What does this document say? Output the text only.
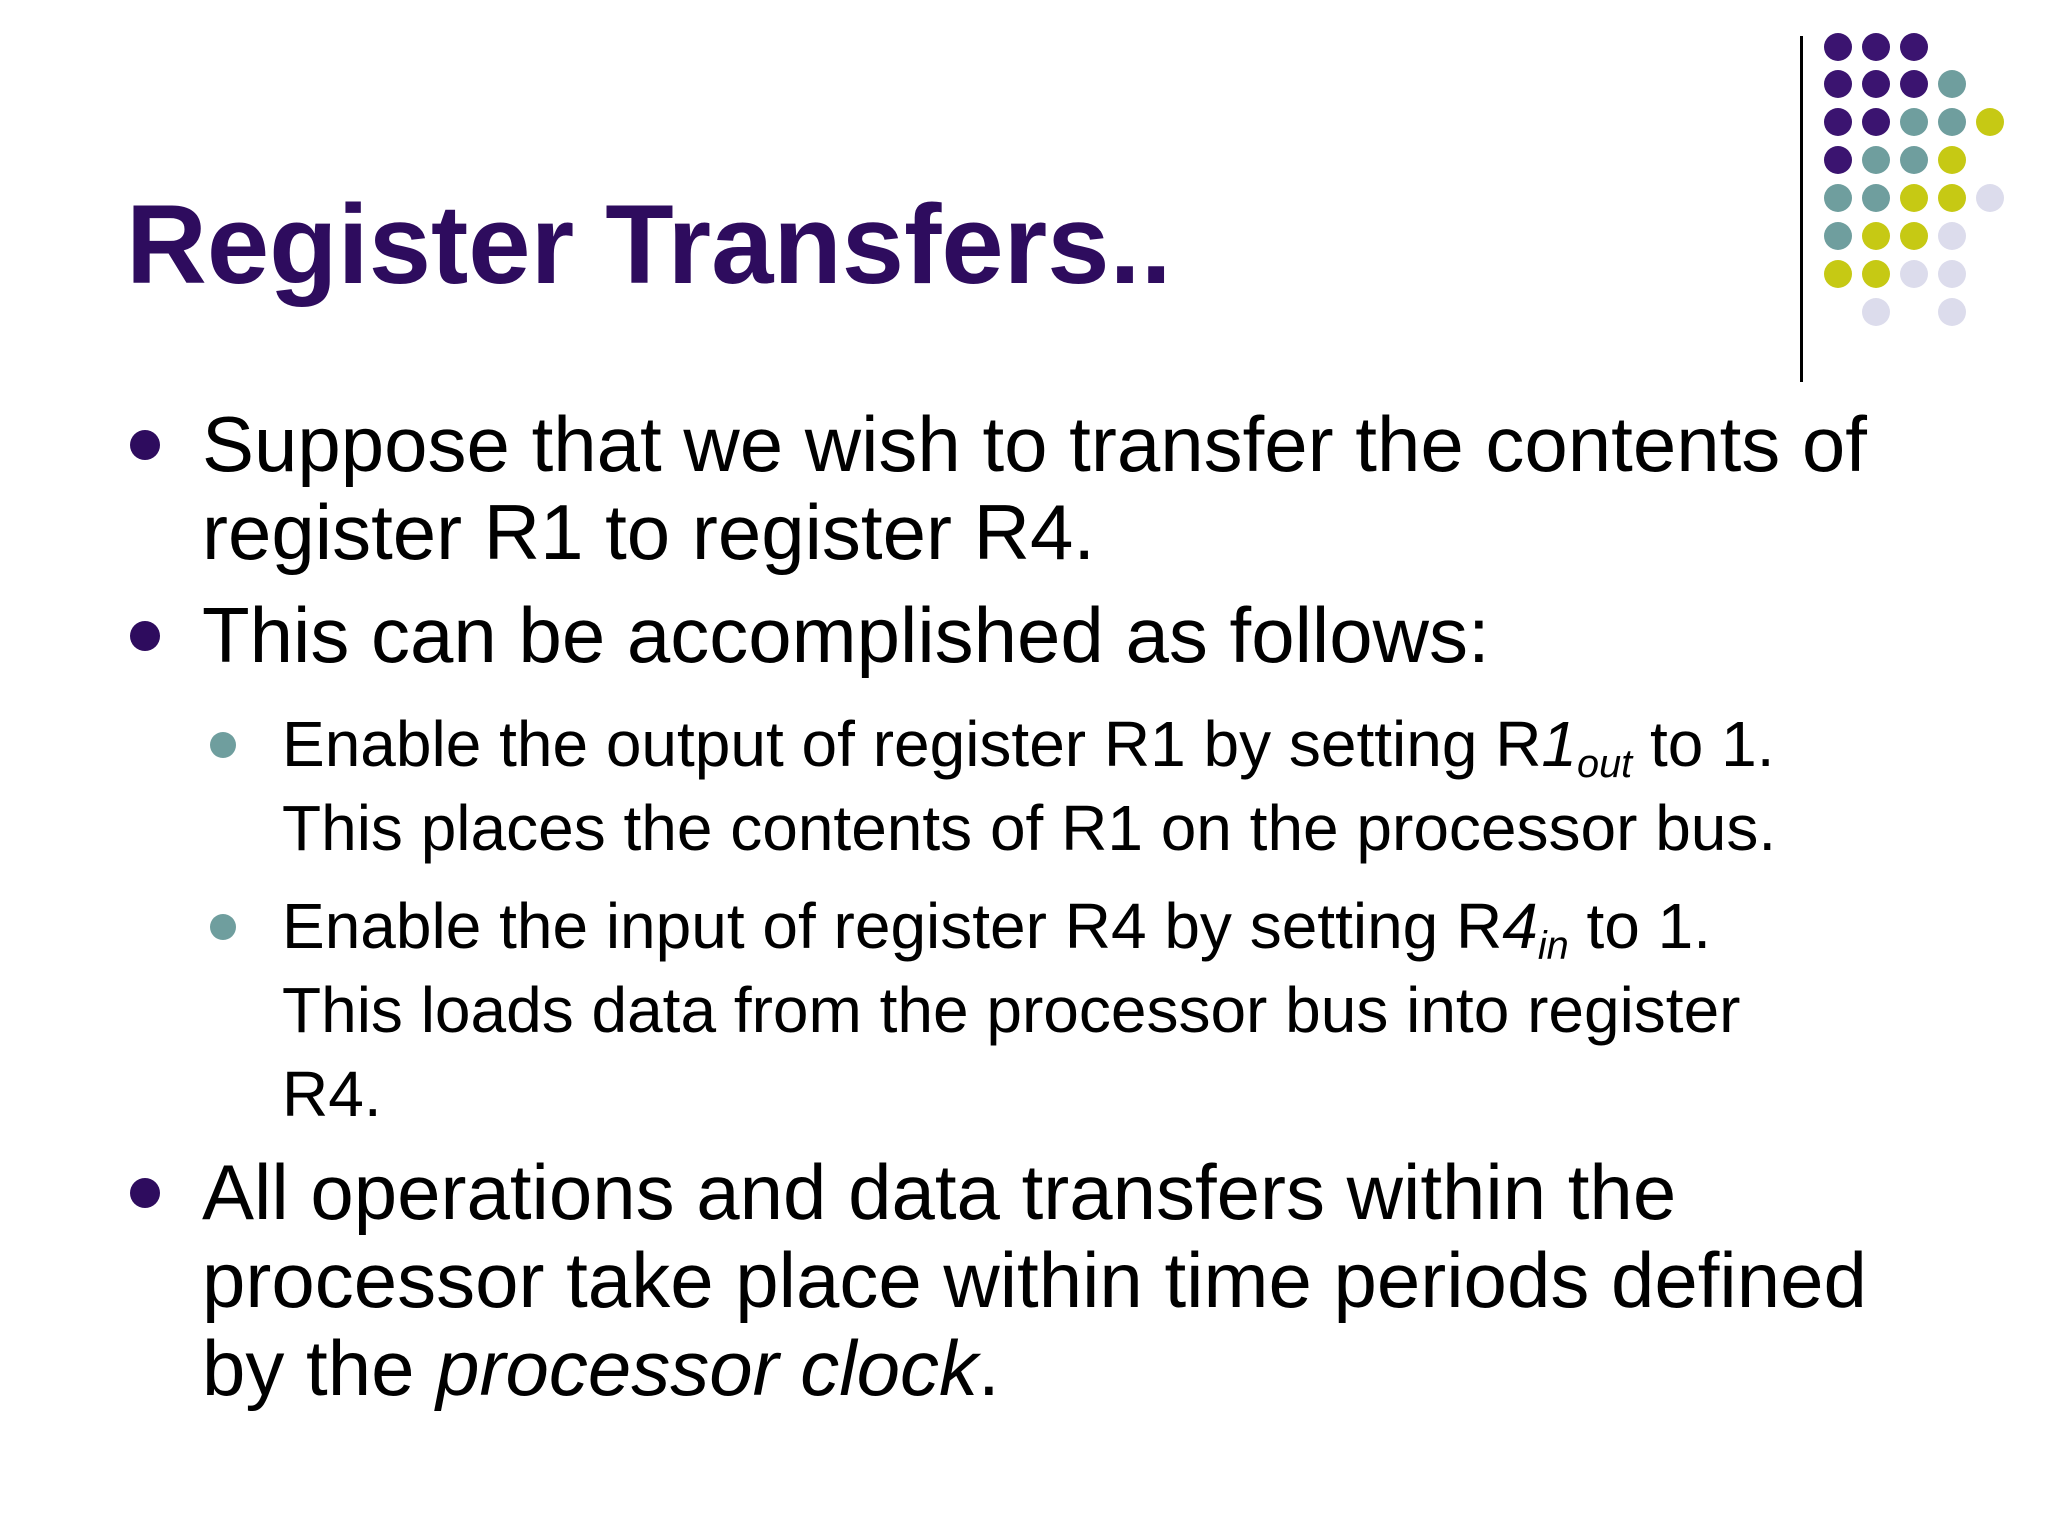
Register Transfers..
Suppose that we wish to transfer the contents of
register R1 to register R4.
This can be accomplished as follows:
Enable the output of register R1 by setting $R1_{out}$ to 1.
This places the contents of R1 on the processor bus.
Enable the input of register R4 by setting $R4_{in}$ to 1.
This loads data from the processor bus into register
R4.
All operations and data transfers within the
processor take place within time periods defined
by the processor clock.
